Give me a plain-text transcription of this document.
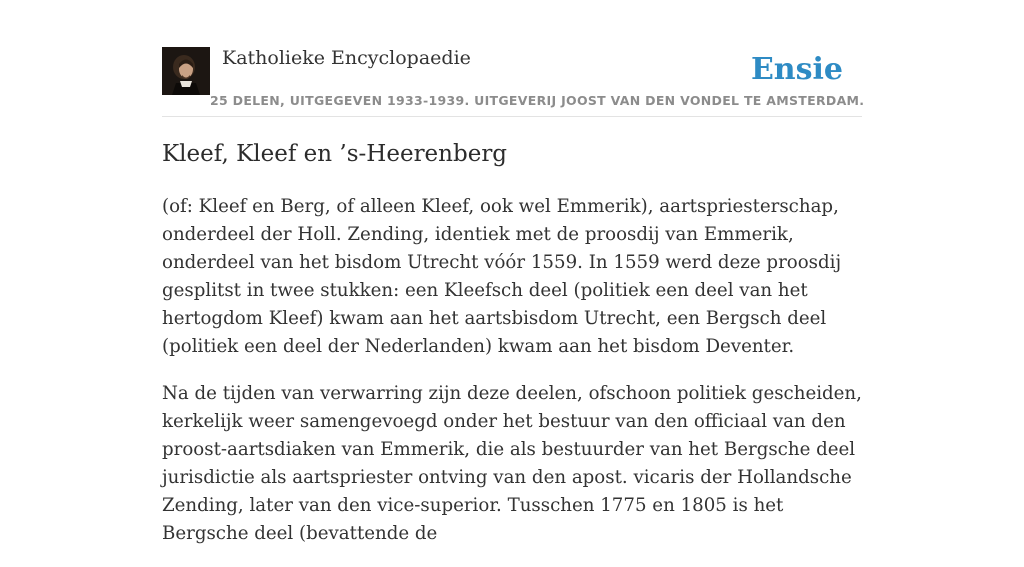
Katholieke Encyclopaedie
25 DELEN, UITGEGEVEN 1933-1939. UITGEVERIJ JOOST VAN DEN VONDEL TE AMSTERDAM.
Ensie
Kleef, Kleef en ’s-Heerenberg

(of: Kleef en Berg, of alleen Kleef, ook wel Emmerik), aartspriesterschap, onderdeel der Holl. Zending, identiek met de proosdij van Emmerik, onderdeel van het bisdom Utrecht vóór 1559. In 1559 werd deze proosdij gesplitst in twee stukken: een Kleefsch deel (politiek een deel van het hertogdom Kleef) kwam aan het aartsbisdom Utrecht, een Bergsch deel (politiek een deel der Nederlanden) kwam aan het bisdom Deventer.

Na de tijden van verwarring zijn deze deelen, ofschoon politiek gescheiden, kerkelijk weer samengevoegd onder het bestuur van den officiaal van den proost-aartsdiaken van Emmerik, die als bestuurder van het Bergsche deel jurisdictie als aartspriester ontving van den apost. vicaris der Hollandsche Zending, later van den vice-superior. Tusschen 1775 en 1805 is het Bergsche deel (bevattende de
